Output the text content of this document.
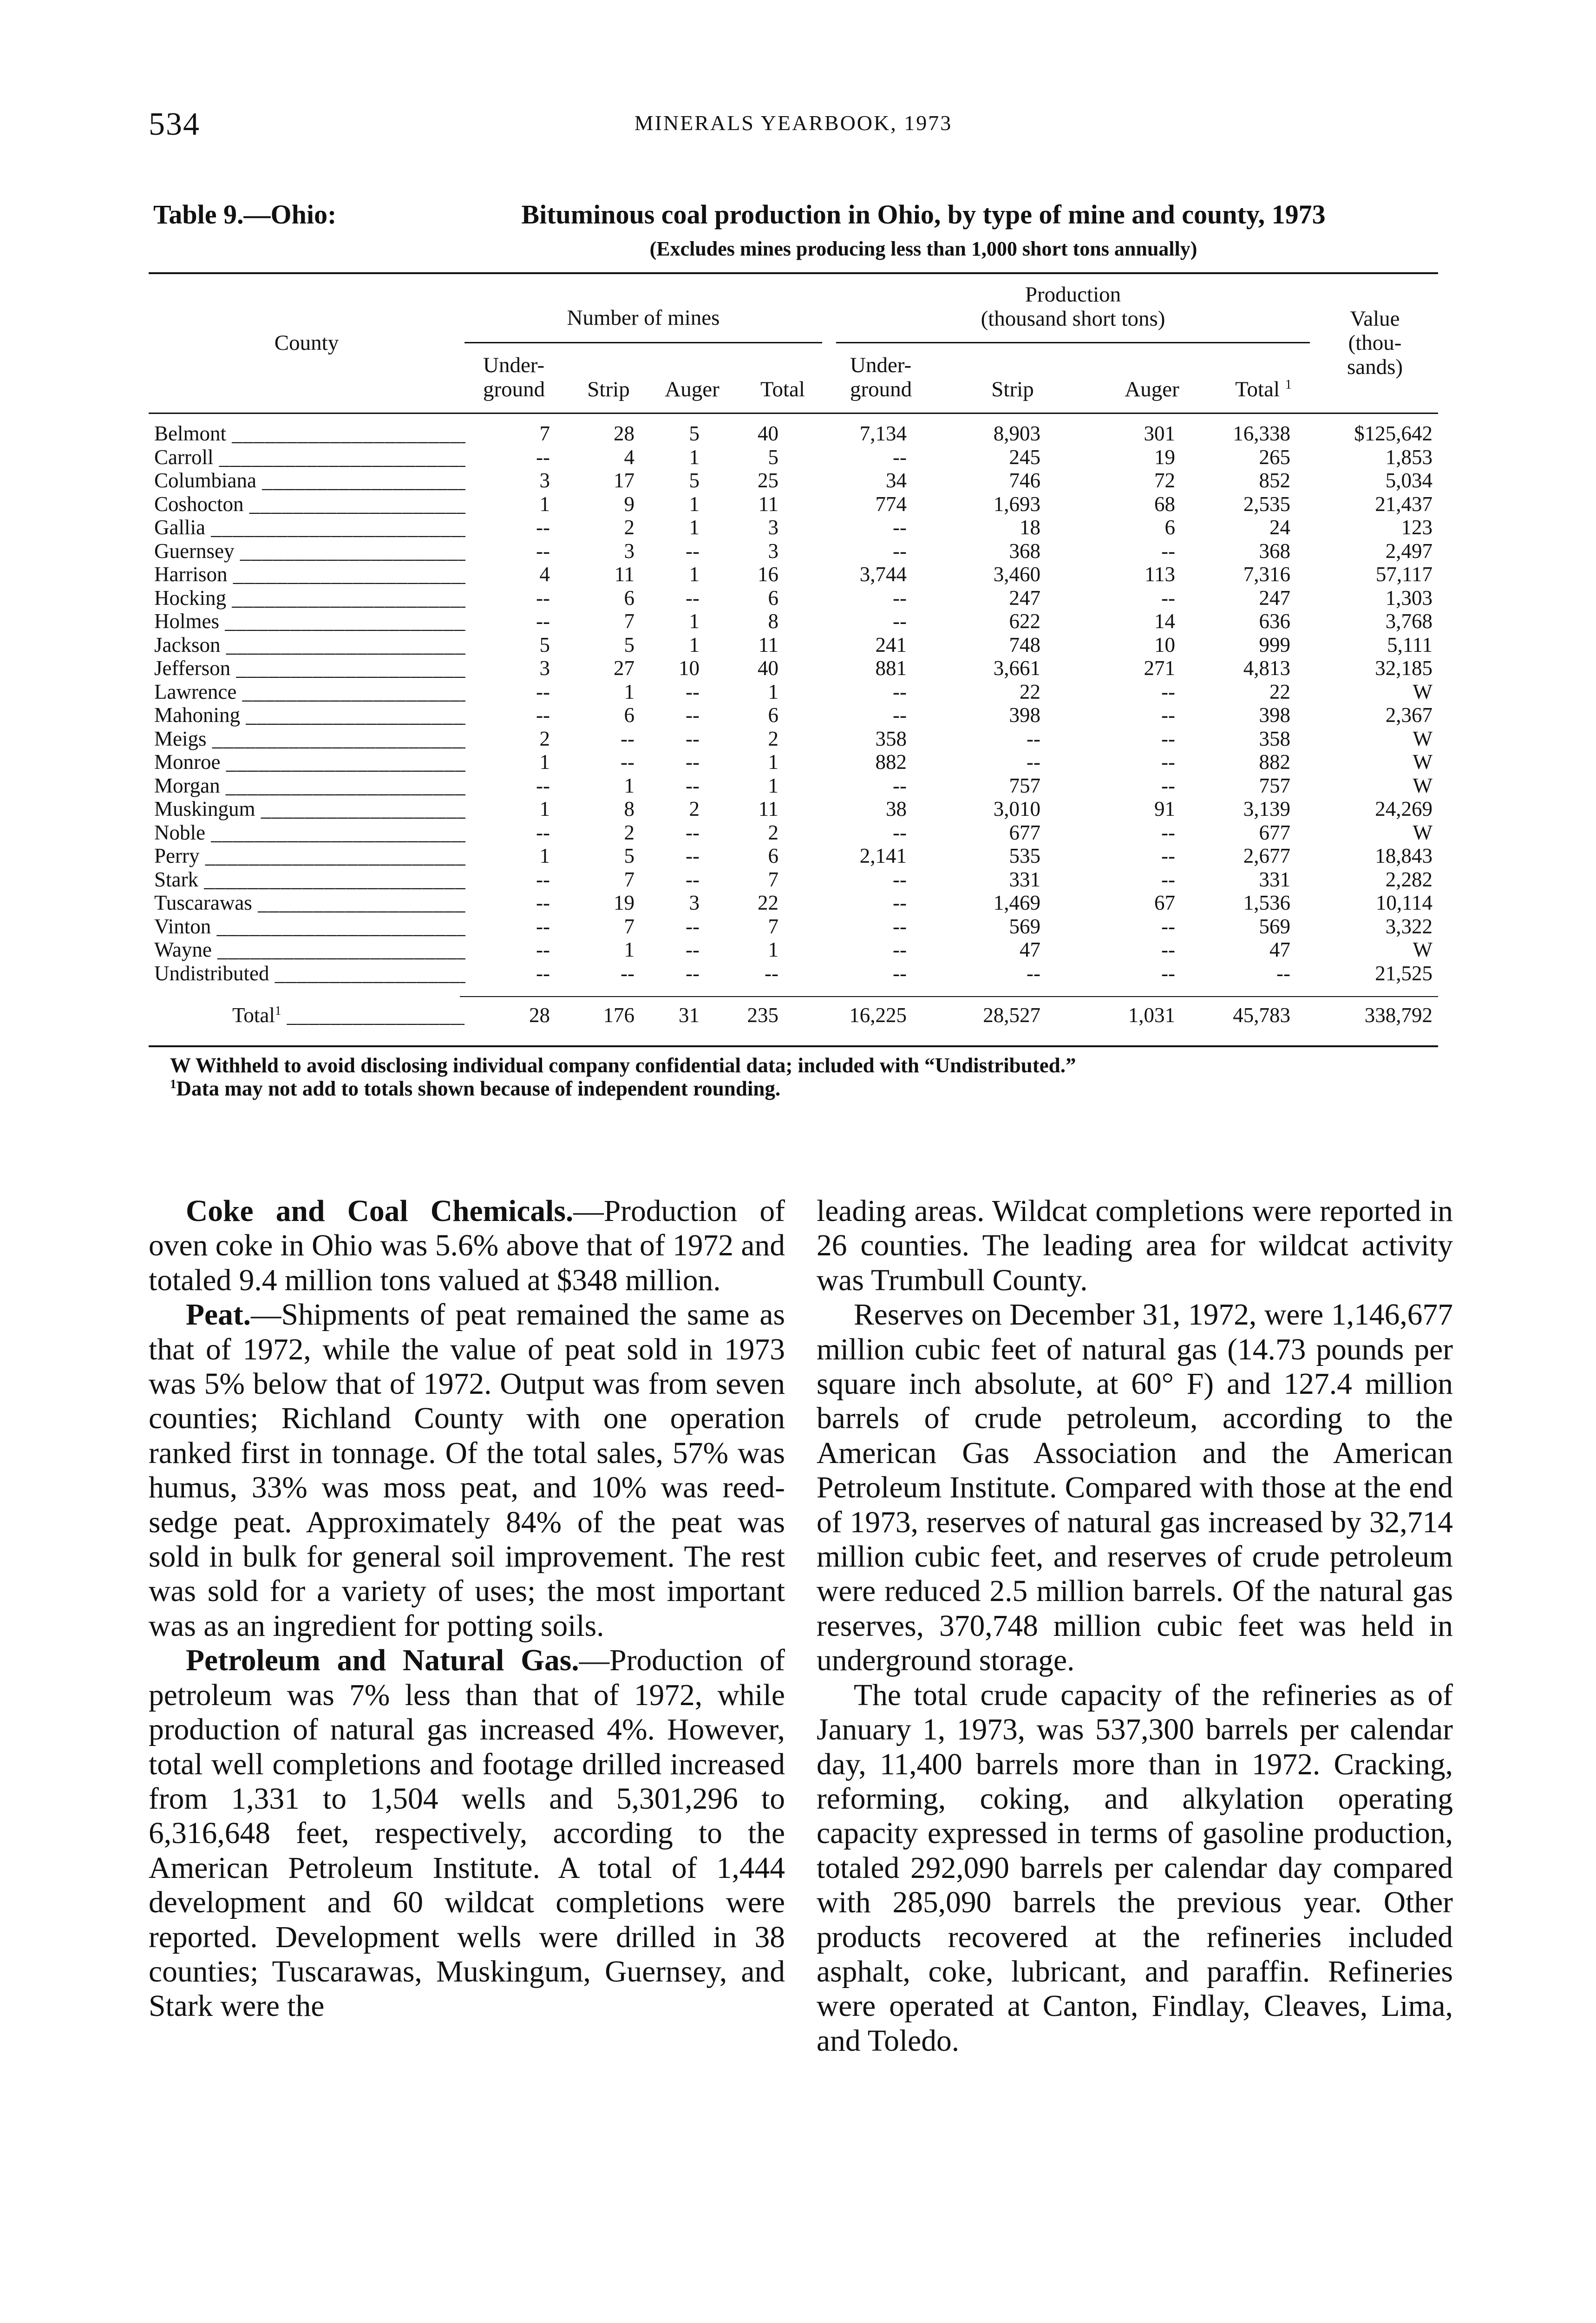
534	MINERALS YEARBOOK, 1973
Table 9.—Ohio:	Bituminous coal production in Ohio, by type of mine and county, 1973
(Excludes mines producing less than 1,000 short tons annually)
County
Number of mines
Production
(thousand short tons)	Value
(thou-
sands)
Under-
ground	Strip	Auger	Total
Under-
ground	Strip	Auger	Total $^1$
Belmont _____	7	28	5	40	7,134	8,903	301	16,338	$125,642
Carroll _____	--	4	1	5	--	245	19	265	1,853
Columbiana _____	3	17	5	25	34	746	72	852	5,034
Coshocton _____	1	9	1	11	774	1,693	68	2,535	21,437
Gallia _____	--	2	1	3	--	18	6	24	123
Guernsey _____	--	3	--	3	--	368	--	368	2,497
Harrison _____	4	11	1	16	3,744	3,460	113	7,316	57,117
Hocking _____	--	6	--	6	--	247	--	247	1,303
Holmes _____	--	7	1	8	--	622	14	636	3,768
Jackson _____	5	5	1	11	241	748	10	999	5,111
Jefferson _____	3	27	10	40	881	3,661	271	4,813	32,185
Lawrence _____	--	1	--	1	--	22	--	22	W
Mahoning _____	--	6	--	6	--	398	--	398	2,367
Meigs _____	2	--	--	2	358	--	--	358	W
Monroe _____	1	--	--	1	882	--	--	882	W
Morgan _____	--	1	--	1	--	757	--	757	W
Muskingum _____	1	8	2	11	38	3,010	91	3,139	24,269
Noble _____	--	2	--	2	--	677	--	677	W
Perry _____	1	5	--	6	2,141	535	--	2,677	18,843
Stark _____	--	7	--	7	--	331	--	331	2,282
Tuscarawas _____	--	19	3	22	--	1,469	67	1,536	10,114
Vinton _____	--	7	--	7	--	569	--	569	3,322
Wayne _____	--	1	--	1	--	47	--	47	W
Undistributed _____	--	--	--	--	--	--	--	--	21,525
Total$^1$ _____	28	176	31	235	16,225	28,527	1,031	45,783	338,792

W Withheld to avoid disclosing individual company confidential data; included with “Undistributed.”

$^1$Data may not add to totals shown because of independent rounding.

Coke and Coal Chemicals.—Production of oven coke in Ohio was 5.6% above that of 1972 and totaled 9.4 million tons valued at $348 million.

Peat.—Shipments of peat remained the same as that of 1972, while the value of peat sold in 1973 was 5% below that of 1972. Output was from seven counties; Richland County with one operation ranked first in tonnage. Of the total sales, 57% was humus, 33% was moss peat, and 10% was reed-sedge peat. Approximately 84% of the peat was sold in bulk for general soil improvement. The rest was sold for a variety of uses; the most important was as an ingredient for potting soils.

Petroleum and Natural Gas.—Production of petroleum was 7% less than that of 1972, while production of natural gas increased 4%. However, total well completions and footage drilled increased from 1,331 to 1,504 wells and 5,301,296 to 6,316,648 feet, respectively, according to the American Petroleum Institute. A total of 1,444 development and 60 wildcat completions were reported. Development wells were drilled in 38 counties; Tuscarawas, Muskingum, Guernsey, and Stark were the

leading areas. Wildcat completions were reported in 26 counties. The leading area for wildcat activity was Trumbull County.

Reserves on December 31, 1972, were 1,146,677 million cubic feet of natural gas (14.73 pounds per square inch absolute, at 60° F) and 127.4 million barrels of crude petroleum, according to the American Gas Association and the American Petroleum Institute. Compared with those at the end of 1973, reserves of natural gas increased by 32,714 million cubic feet, and reserves of crude petroleum were reduced 2.5 million barrels. Of the natural gas reserves, 370,748 million cubic feet was held in underground storage.

The total crude capacity of the refineries as of January 1, 1973, was 537,300 barrels per calendar day, 11,400 barrels more than in 1972. Cracking, reforming, coking, and alkylation operating capacity expressed in terms of gasoline production, totaled 292,090 barrels per calendar day compared with 285,090 barrels the previous year. Other products recovered at the refineries included asphalt, coke, lubricant, and paraffin. Refineries were operated at Canton, Findlay, Cleaves, Lima, and Toledo.
